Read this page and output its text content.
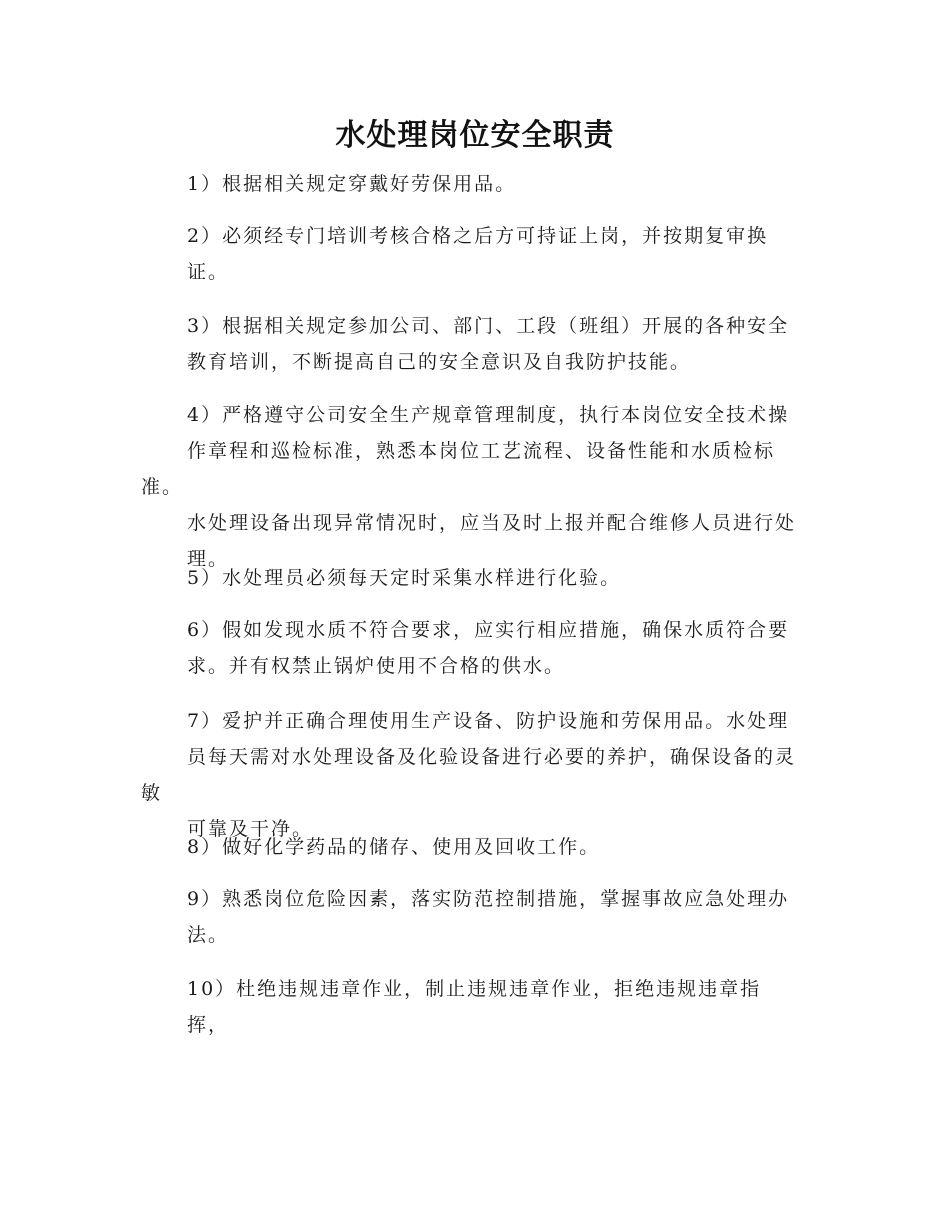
水处理岗位安全职责
1）根据相关规定穿戴好劳保用品。
2）必须经专门培训考核合格之后方可持证上岗，并按期复审换
证。
3）根据相关规定参加公司、部门、工段（班组）开展的各种安全
教育培训，不断提高自己的安全意识及自我防护技能。
4）严格遵守公司安全生产规章管理制度，执行本岗位安全技术操
作章程和巡检标准，熟悉本岗位工艺流程、设备性能和水质检标准。
水处理设备出现异常情况时，应当及时上报并配合维修人员进行处
理。
5）水处理员必须每天定时采集水样进行化验。
6）假如发现水质不符合要求，应实行相应措施，确保水质符合要
求。并有权禁止锅炉使用不合格的供水。
7）爱护并正确合理使用生产设备、防护设施和劳保用品。水处理
员每天需对水处理设备及化验设备进行必要的养护，确保设备的灵敏
可靠及干净。
8）做好化学药品的储存、使用及回收工作。
9）熟悉岗位危险因素，落实防范控制措施，掌握事故应急处理办
法。
10）杜绝违规违章作业，制止违规违章作业，拒绝违规违章指
挥，
